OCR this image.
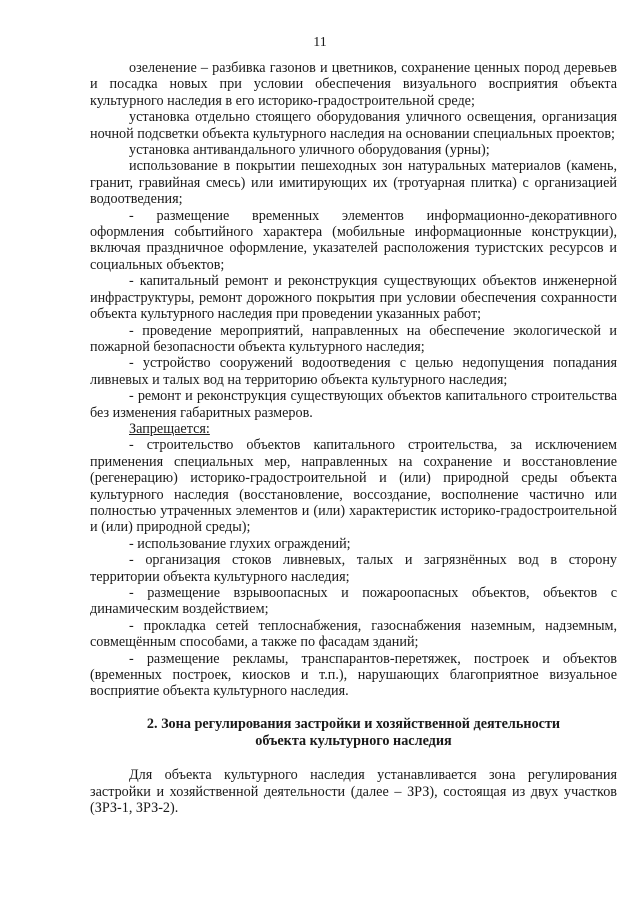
11

озеленение – разбивка газонов и цветников, сохранение ценных пород деревьев и посадка новых при условии обеспечения визуального восприятия объекта культурного наследия в его историко-градостроительной среде;

установка отдельно стоящего оборудования уличного освещения, организация ночной подсветки объекта культурного наследия на основании специальных проектов;

установка антивандального уличного оборудования (урны);

использование в покрытии пешеходных зон натуральных материалов (камень, гранит, гравийная смесь) или имитирующих их (тротуарная плитка) с организацией водоотведения;

- размещение временных элементов информационно-декоративного оформления событийного характера (мобильные информационные конструкции), включая праздничное оформление, указателей расположения туристских ресурсов и социальных объектов;

- капитальный ремонт и реконструкция существующих объектов инженерной инфраструктуры, ремонт дорожного покрытия при условии обеспечения сохранности объекта культурного наследия при проведении указанных работ;

- проведение мероприятий, направленных на обеспечение экологической и пожарной безопасности объекта культурного наследия;

- устройство сооружений водоотведения с целью недопущения попадания ливневых и талых вод на территорию объекта культурного наследия;

- ремонт и реконструкция существующих объектов капитального строительства без изменения габаритных размеров.

Запрещается:

- строительство объектов капитального строительства, за исключением применения специальных мер, направленных на сохранение и восстановление (регенерацию) историко-градостроительной и (или) природной среды объекта культурного наследия (восстановление, воссоздание, восполнение частично или полностью утраченных элементов и (или) характеристик историко-градостроительной и (или) природной среды);

- использование глухих ограждений;

- организация стоков ливневых, талых и загрязнённых вод в сторону территории объекта культурного наследия;

- размещение взрывоопасных и пожароопасных объектов, объектов с динамическим воздействием;

- прокладка сетей теплоснабжения, газоснабжения наземным, надземным, совмещённым способами, а также по фасадам зданий;

- размещение рекламы, транспарантов-перетяжек, построек и объектов (временных построек, киосков и т.п.), нарушающих благоприятное визуальное восприятие объекта культурного наследия.

2. Зона регулирования застройки и хозяйственной деятельности
объекта культурного наследия

Для объекта культурного наследия устанавливается зона регулирования застройки и хозяйственной деятельности (далее – ЗРЗ), состоящая из двух участков (ЗРЗ-1, ЗРЗ-2).
